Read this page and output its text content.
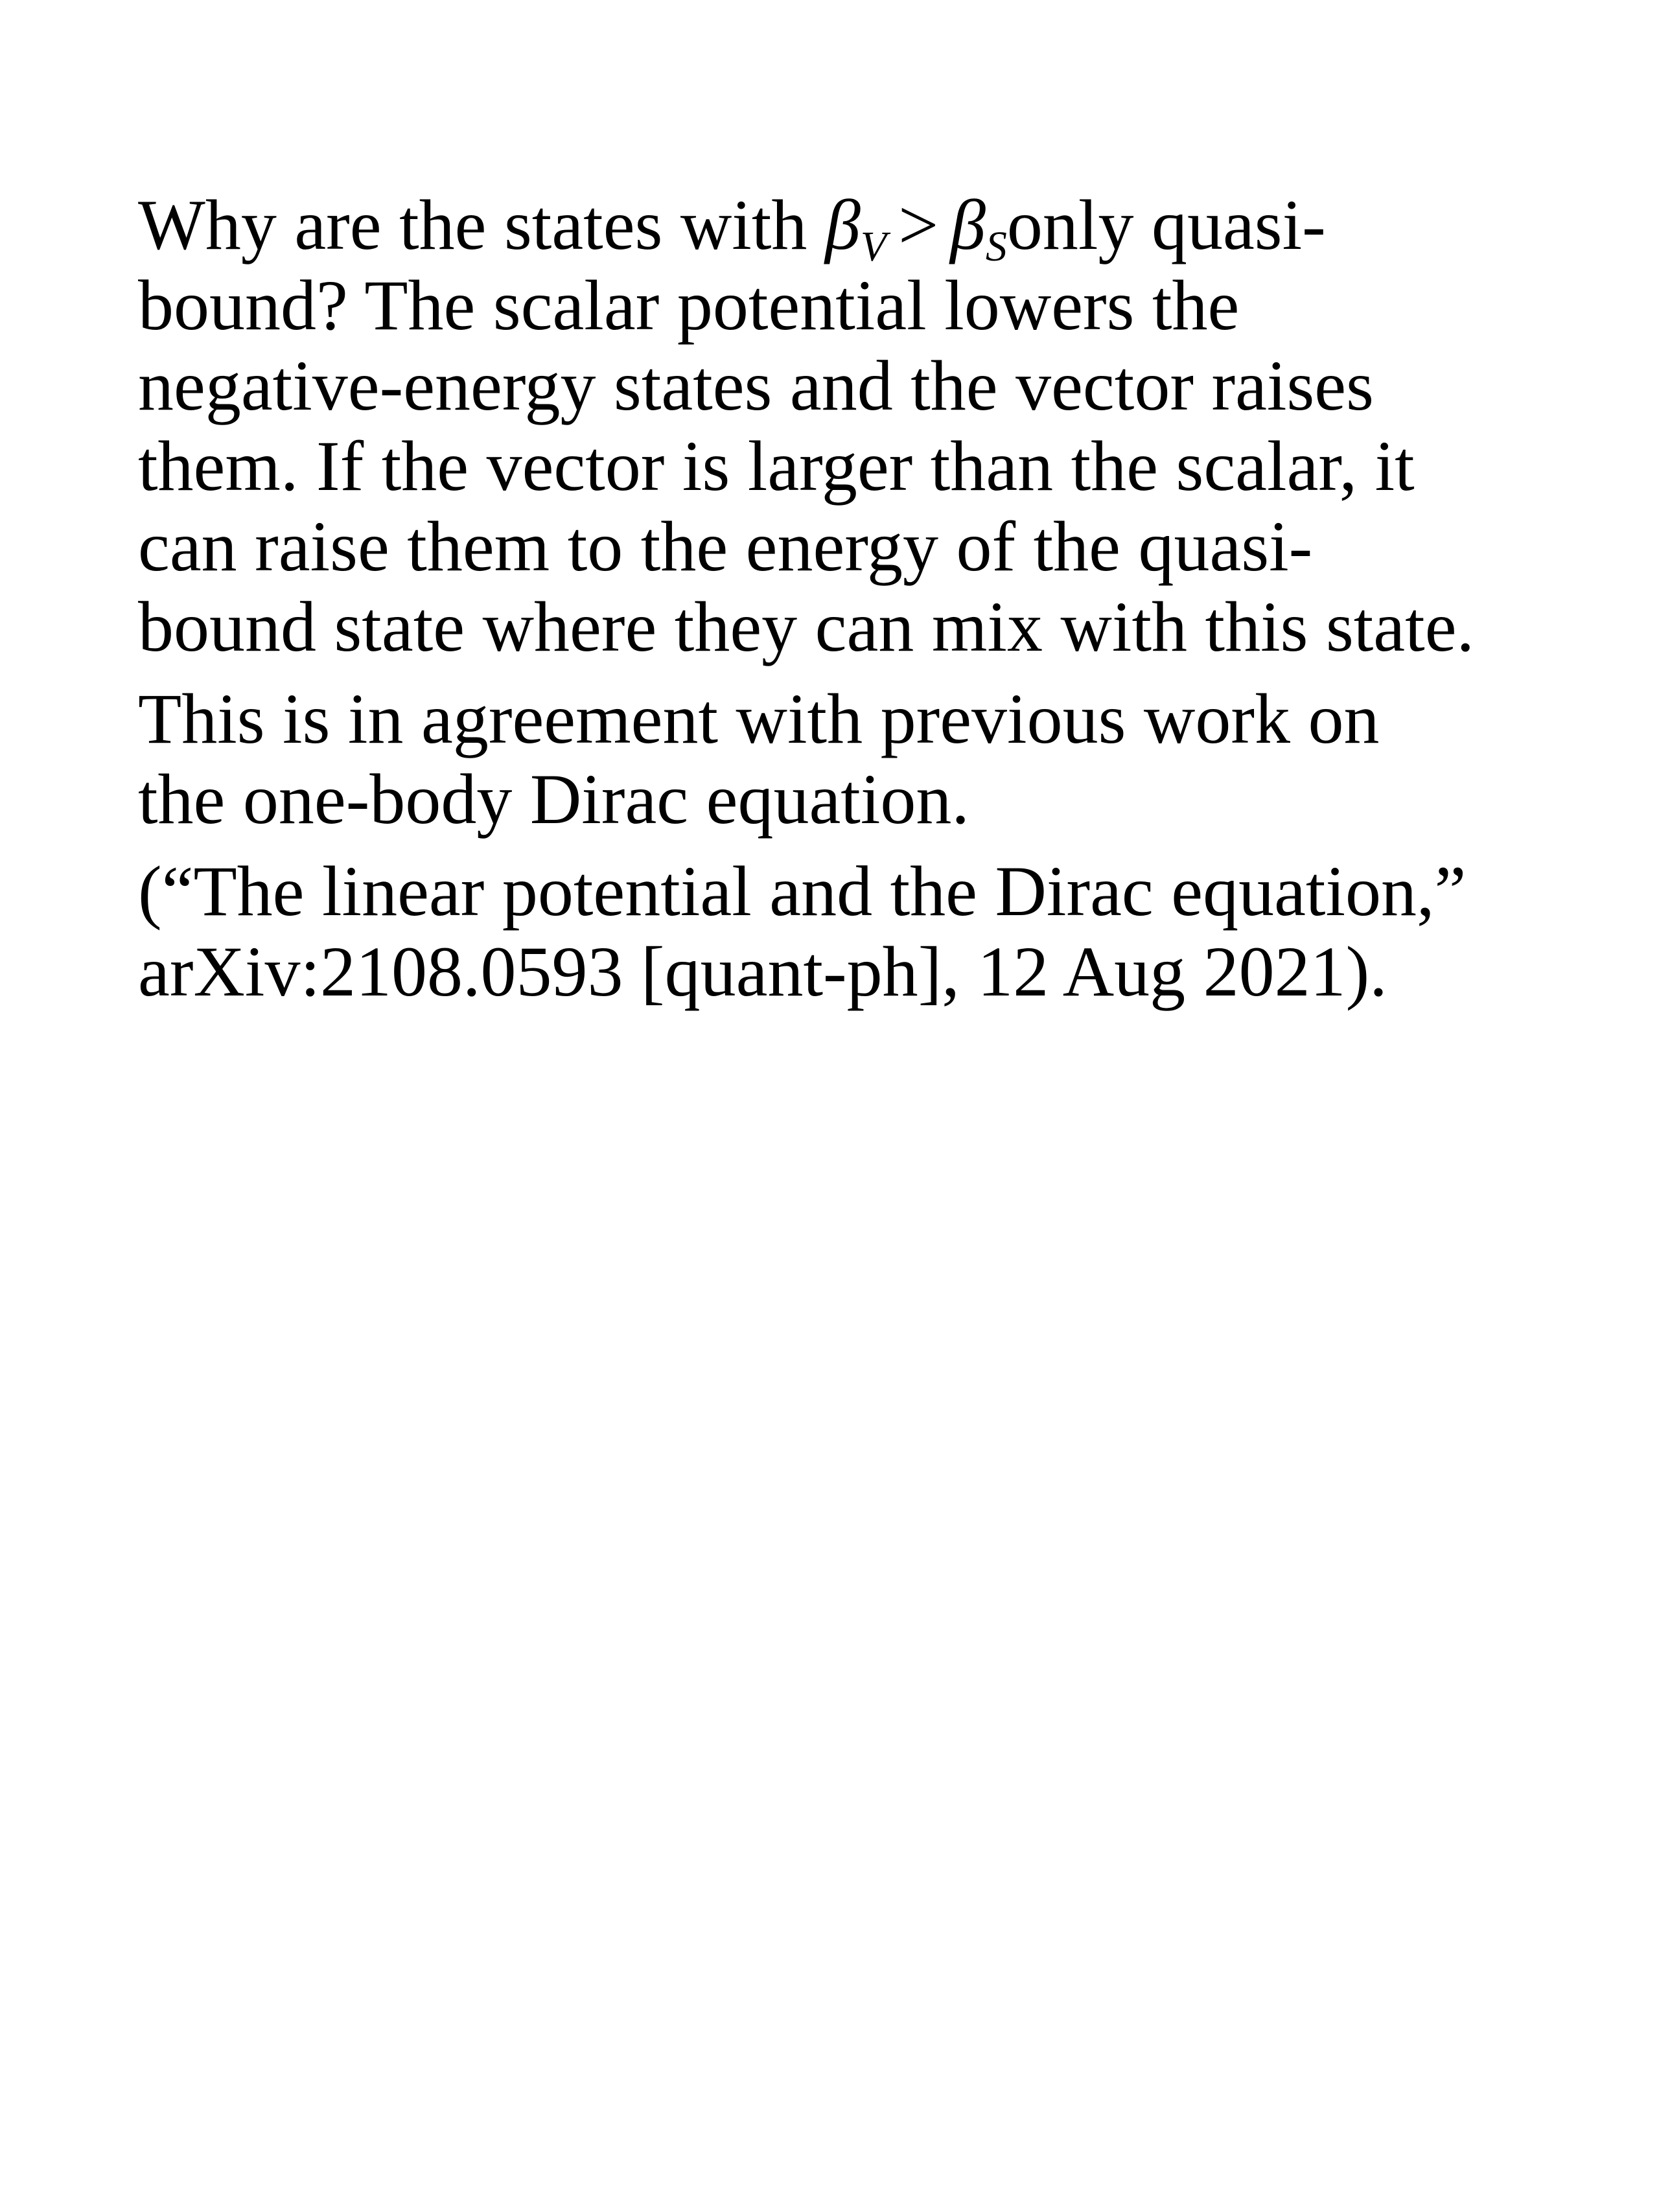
Why are the states with $\beta_V$ > $\beta_Sonly$ quasi-
bound? The scalar potential lowers the
negative-energy states and the vector raises
them. If the vector is larger than the scalar, it
can raise them to the energy of the quasi-
bound state where they can mix with this state.

This is in agreement with previous work on
the one-body Dirac equation.

(“The linear potential and the Dirac equation,”
arXiv:2108.0593 [quant-ph], 12 Aug 2021).
